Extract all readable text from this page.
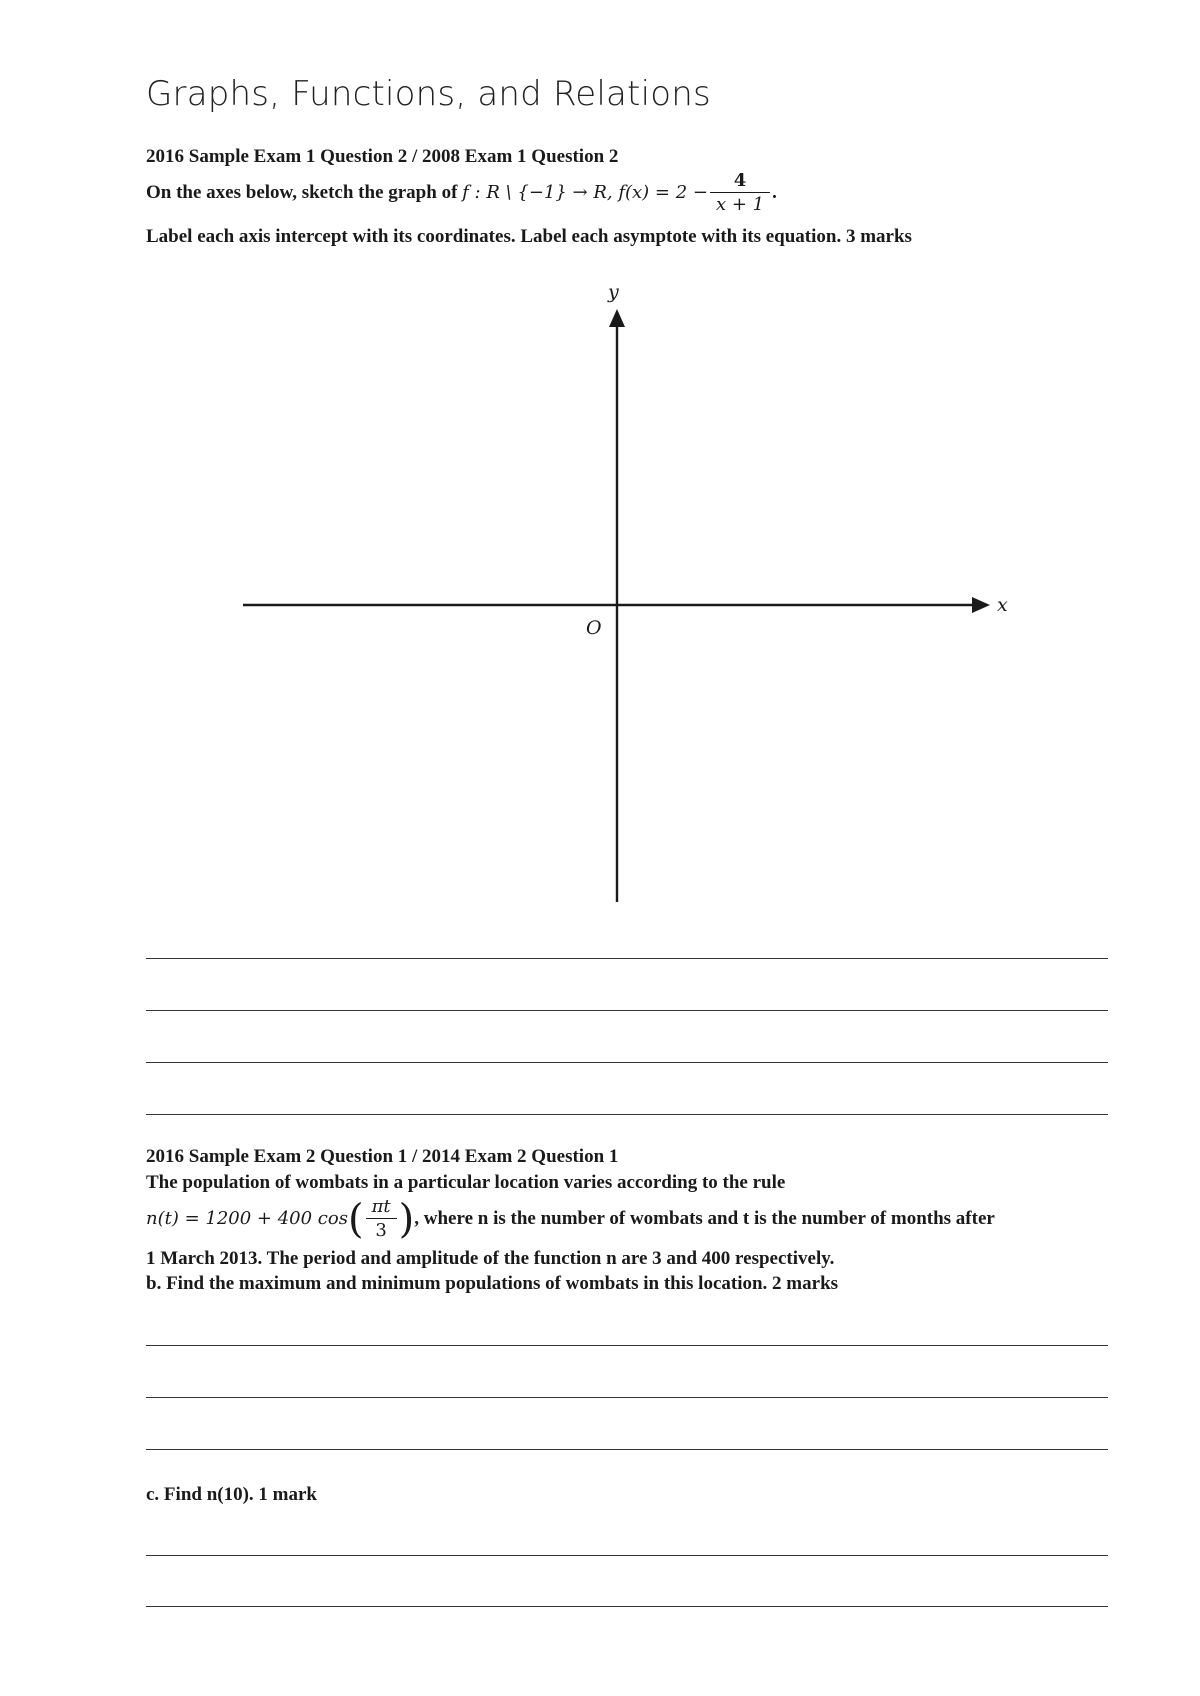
Graphs, Functions, and Relations
2016 Sample Exam 1 Question 2 / 2008 Exam 1 Question 2
On the axes below, sketch the graph of f : R \ {−1} → R, $f(x) = 2 - \frac{4}{x + 1}$ .
Label each axis intercept with its coordinates. Label each asymptote with its equation. 3 marks
y
x
O
2016 Sample Exam 2 Question 1 / 2014 Exam 2 Question 1
The population of wombats in a particular location varies according to the rule
n(t) = 1200 + 400 $\cos( \frac{\pi t}{3}$ ), where n is the number of wombats and t is the number of months after
1 March 2013. The period and amplitude of the function n are 3 and 400 respectively.
b. Find the maximum and minimum populations of wombats in this location. 2 marks
c. Find n(10). 1 mark
